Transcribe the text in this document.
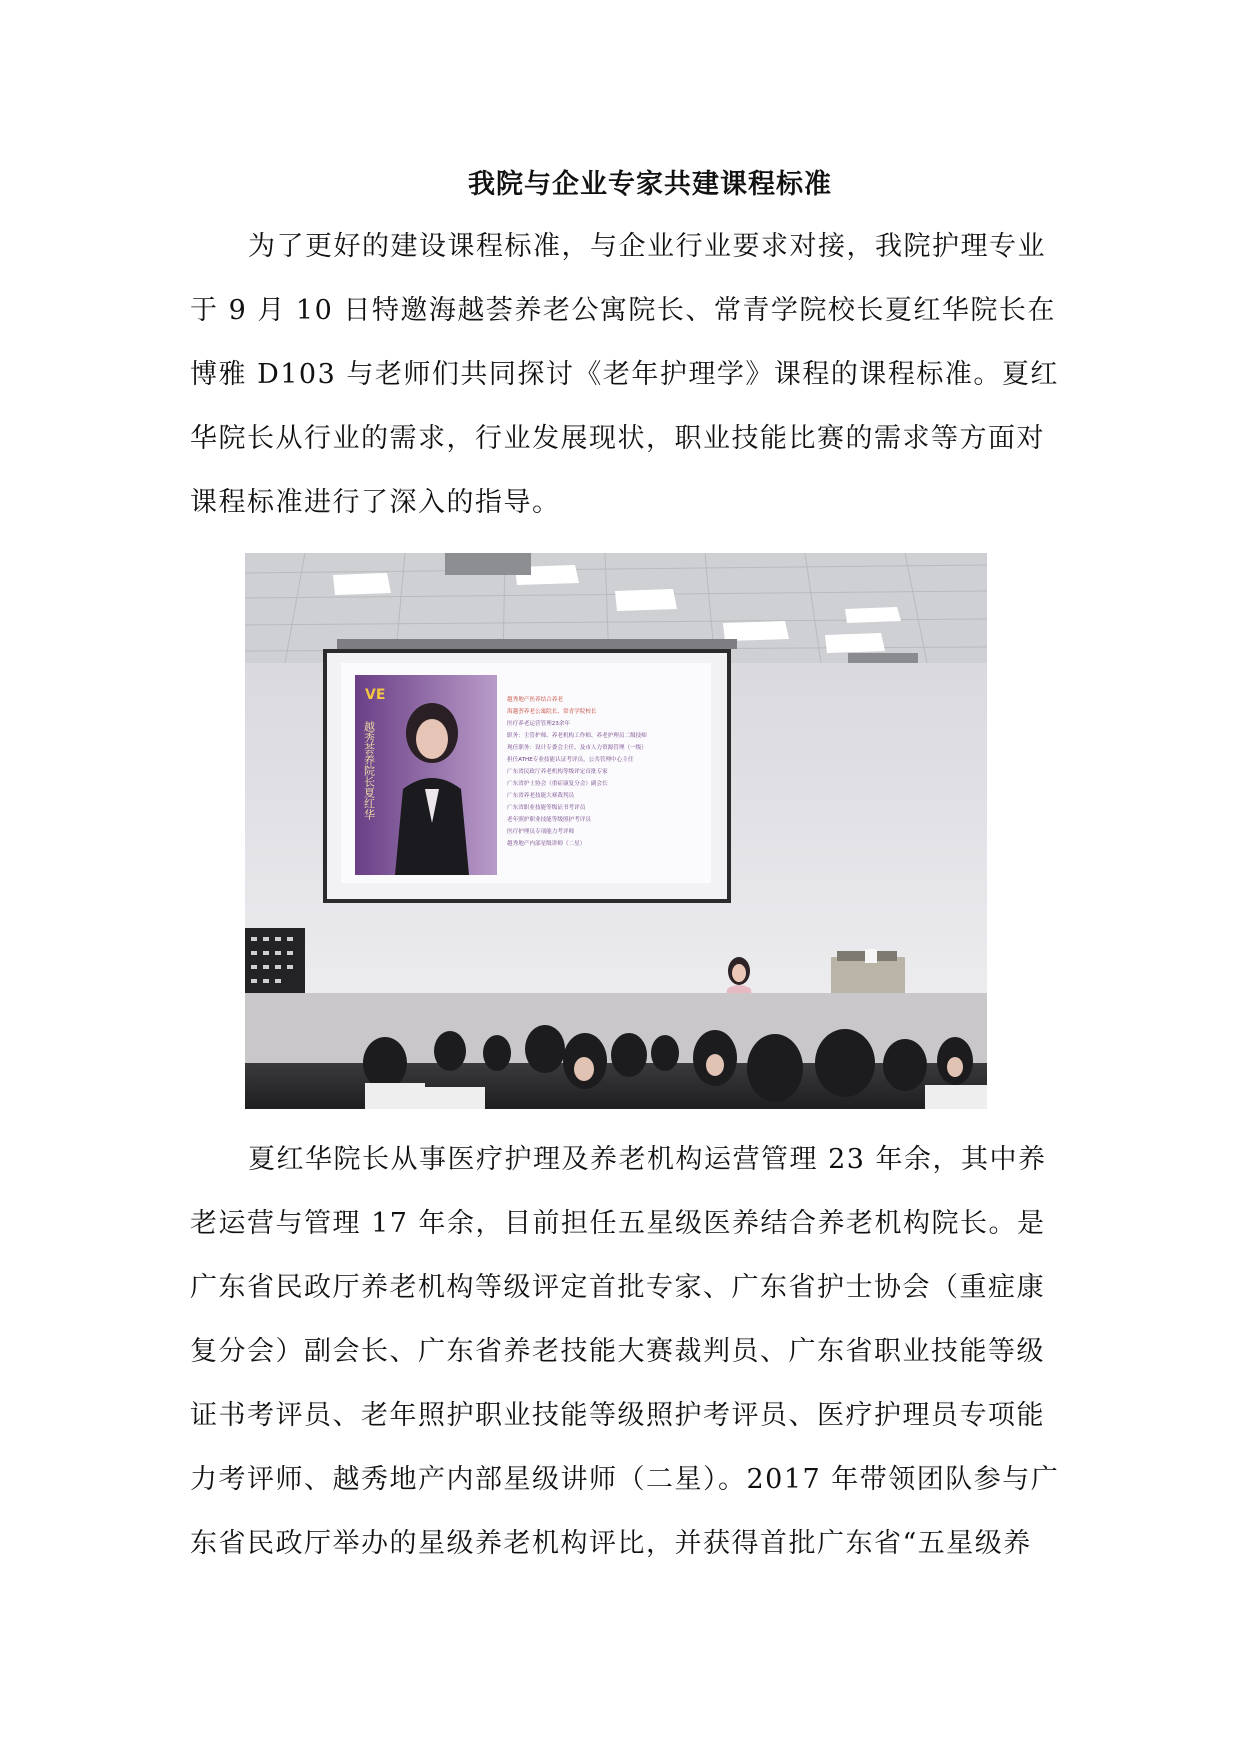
我院与企业专家共建课程标准
为了更好的建设课程标准，与企业行业要求对接，我院护理专业
于 9 月 10 日特邀海越荟养老公寓院长、常青学院校长夏红华院长在
博雅 D103 与老师们共同探讨《老年护理学》课程的课程标准。夏红
华院长从行业的需求，行业发展现状，职业技能比赛的需求等方面对
课程标准进行了深入的指导。
VE
越秀荟养院长夏红华
越秀地产医养结合养老
海越荟养老公寓院长、常青学院校长
医疗养老运营管理23余年
职务：主管护师、养老机构工作师、养老护理员二级技师
现任职务：设计专委会主任、及市人力资源管理（一级）
担任ATHE专业技能认证考评员，公共管理中心主任
广东省民政厅养老机构等级评定首批专家
广东省护士协会（重症康复分会）副会长
广东省养老技能大赛裁判员
广东省职业技能等级证书考评员
老年照护职业技能等级照护考评员
医疗护理员专项能力考评师
越秀地产内部星级讲师（二星）
夏红华院长从事医疗护理及养老机构运营管理 23 年余，其中养
老运营与管理 17 年余，目前担任五星级医养结合养老机构院长。是
广东省民政厅养老机构等级评定首批专家、广东省护士协会（重症康
复分会）副会长、广东省养老技能大赛裁判员、广东省职业技能等级
证书考评员、老年照护职业技能等级照护考评员、医疗护理员专项能
力考评师、越秀地产内部星级讲师（二星）。2017 年带领团队参与广
东省民政厅举办的星级养老机构评比，并获得首批广东省“五星级养
